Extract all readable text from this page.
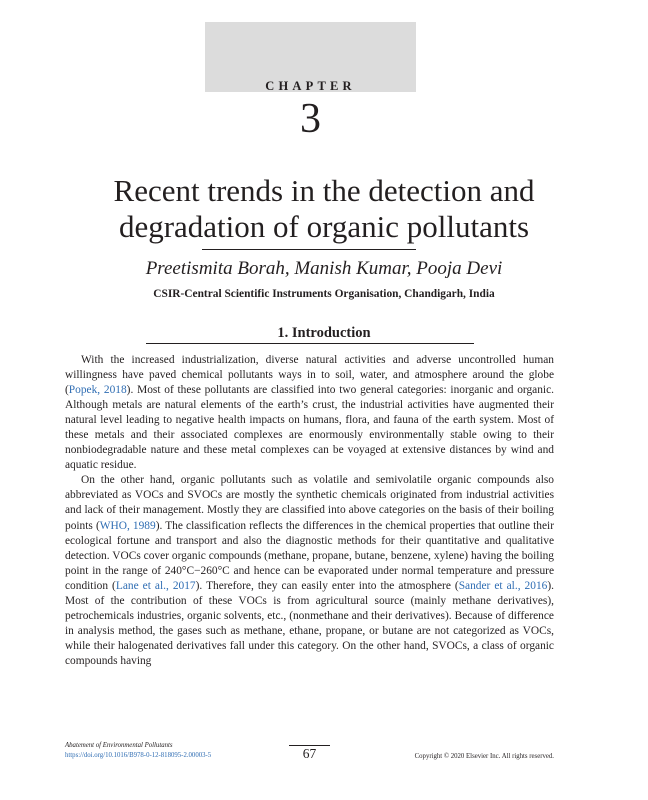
CHAPTER
3
Recent trends in the detection and
degradation of organic pollutants
Preetismita Borah, Manish Kumar, Pooja Devi
CSIR-Central Scientific Instruments Organisation, Chandigarh, India
1. Introduction

With the increased industrialization, diverse natural activities and adverse uncontrolled human willingness have paved chemical pollutants ways in to soil, water, and atmosphere around the globe (Popek, 2018). Most of these pollutants are classified into two general categories: inorganic and organic. Although metals are natural elements of the earth’s crust, the industrial activities have augmented their natural level leading to negative health impacts on humans, flora, and fauna of the earth system. Most of these metals and their associated complexes are enormously environmentally stable owing to their nonbiodegradable nature and these metal complexes can be voyaged at extensive distances by wind and aquatic residue.

On the other hand, organic pollutants such as volatile and semivolatile organic compounds also abbreviated as VOCs and SVOCs are mostly the synthetic chemicals originated from industrial activities and lack of their management. Mostly they are classified into above categories on the basis of their boiling points (WHO, 1989). The classification reflects the differences in the chemical properties that outline their ecological fortune and transport and also the diagnostic methods for their quantitative and qualitative detection. VOCs cover organic compounds (methane, propane, butane, benzene, xylene) having the boiling point in the range of 240°C−260°C and hence can be evaporated under normal temperature and pressure condition (Lane et al., 2017). Therefore, they can easily enter into the atmosphere (Sander et al., 2016). Most of the contribution of these VOCs is from agricultural source (mainly methane derivatives), petrochemicals industries, organic solvents, etc., (nonmethane and their derivatives). Because of difference in analysis method, the gases such as methane, ethane, propane, or butane are not categorized as VOCs, while their halogenated derivatives fall under this category. On the other hand, SVOCs, a class of organic compounds having

Abatement of Environmental Pollutants
https://doi.org/10.1016/B978-0-12-818095-2.00003-5	67	Copyright © 2020 Elsevier Inc. All rights reserved.
